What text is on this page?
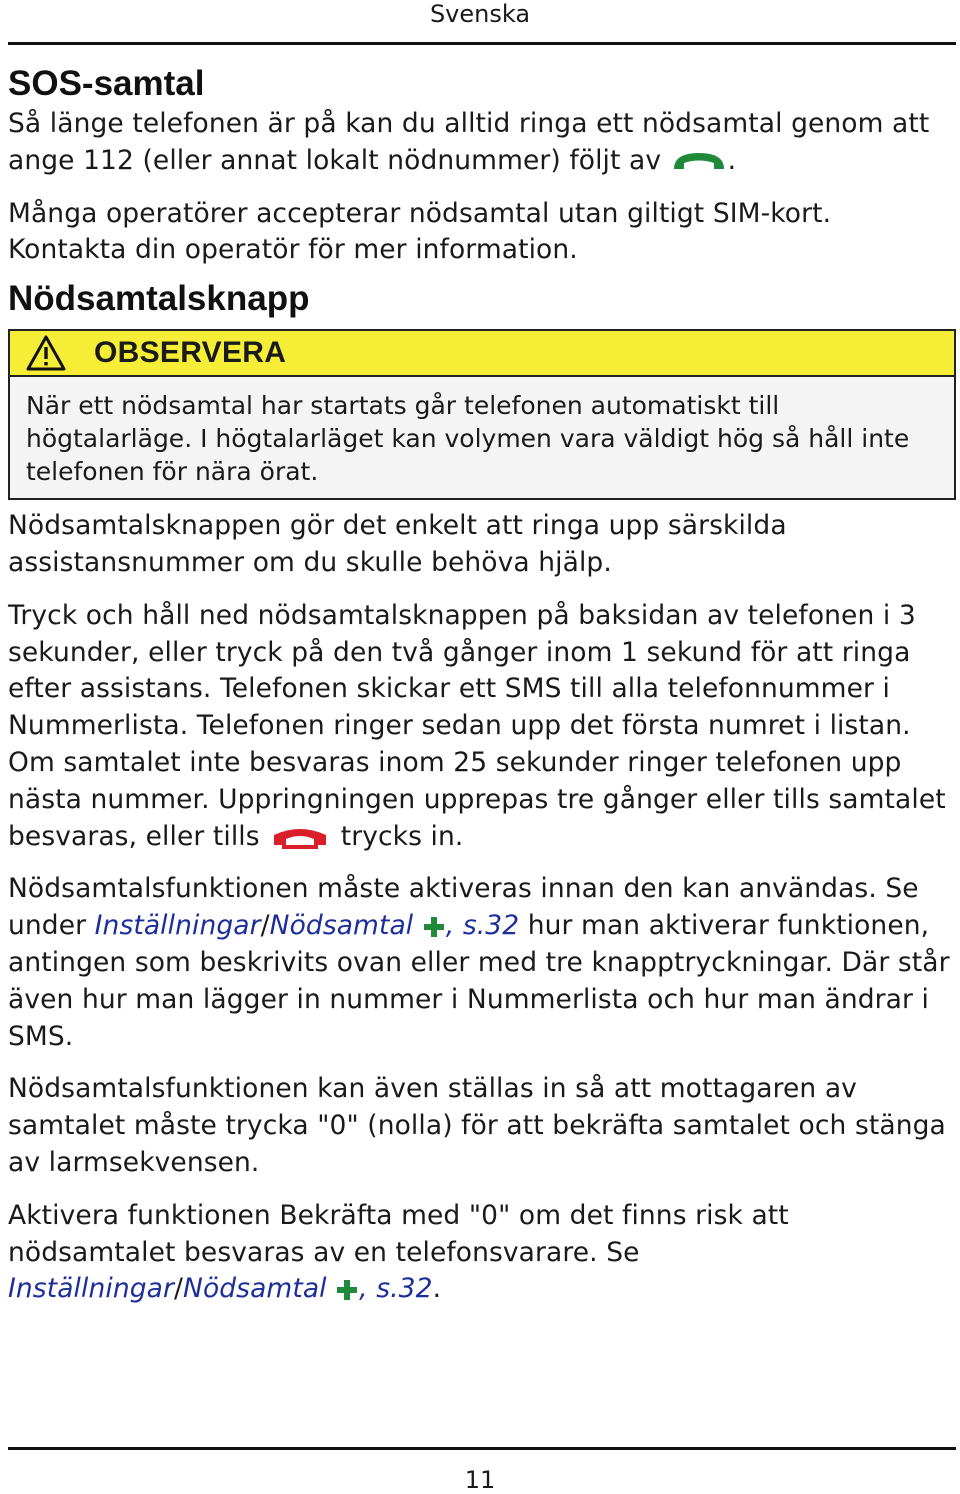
Svenska
SOS-samtal

Så länge telefonen är på kan du alltid ringa ett nödsamtal genom att ange 112 (eller annat lokalt nödnummer) följt av .

Många operatörer accepterar nödsamtal utan giltigt SIM-kort. Kontakta din operatör för mer information.

Nödsamtalsknapp
OBSERVERA
När ett nödsamtal har startats går telefonen automatiskt till högtalarläge. I högtalarläget kan volymen vara väldigt hög så håll inte telefonen för nära örat.

Nödsamtalsknappen gör det enkelt att ringa upp särskilda assistansnummer om du skulle behöva hjälp.

Tryck och håll ned nödsamtalsknappen på baksidan av telefonen i 3 sekunder, eller tryck på den två gånger inom 1 sekund för att ringa efter assistans. Telefonen skickar ett SMS till alla telefonnummer i Nummerlista. Telefonen ringer sedan upp det första numret i listan. Om samtalet inte besvaras inom 25 sekunder ringer telefonen upp nästa nummer. Uppringningen upprepas tre gånger eller tills samtalet besvaras, eller tills  trycks in.

Nödsamtalsfunktionen måste aktiveras innan den kan användas. Se under Inställningar/Nödsamtal , s.32 hur man aktiverar funktionen, antingen som beskrivits ovan eller med tre knapptryckningar. Där står även hur man lägger in nummer i Nummerlista och hur man ändrar i SMS.

Nödsamtalsfunktionen kan även ställas in så att mottagaren av samtalet måste trycka "0" (nolla) för att bekräfta samtalet och stänga av larmsekvensen.

Aktivera funktionen Bekräfta med "0" om det finns risk att nödsamtalet besvaras av en telefonsvarare. Se Inställningar/Nödsamtal , s.32.

11
